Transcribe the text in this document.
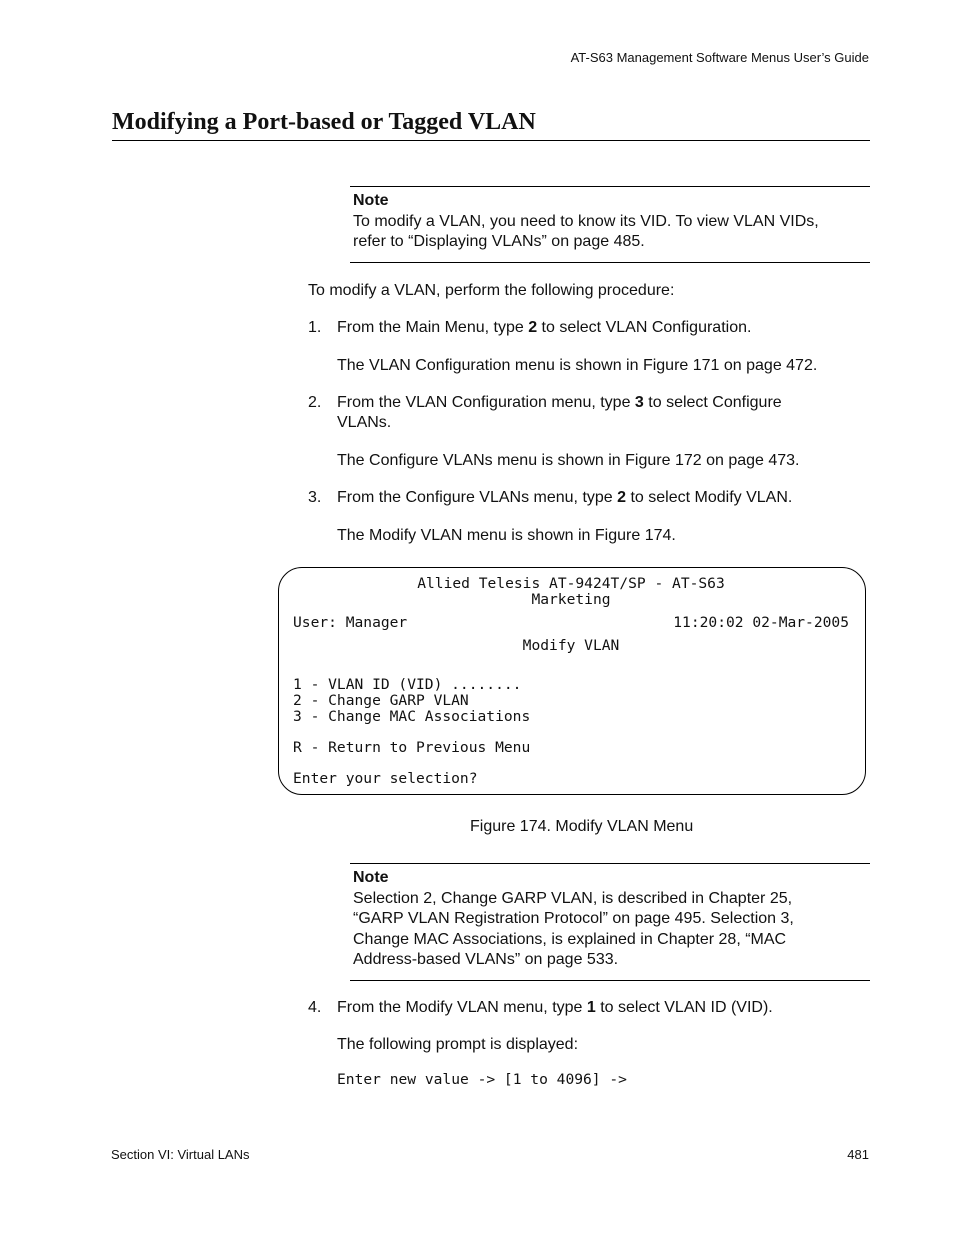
AT-S63 Management Software Menus User’s Guide
Modifying a Port-based or Tagged VLAN
Note
To modify a VLAN, you need to know its VID. To view VLAN VIDs,
refer to “Displaying VLANs” on page 485.
To modify a VLAN, perform the following procedure:
1. From the Main Menu, type 2 to select VLAN Configuration.
The VLAN Configuration menu is shown in Figure 171 on page 472.
2. From the VLAN Configuration menu, type 3 to select Configure
VLANs.
The Configure VLANs menu is shown in Figure 172 on page 473.
3. From the Configure VLANs menu, type 2 to select Modify VLAN.
The Modify VLAN menu is shown in Figure 174.
Allied Telesis AT-9424T/SP - AT-S63
Marketing
User: Manager	11:20:02 02-Mar-2005
Modify VLAN
1 - VLAN ID (VID) ........
2 - Change GARP VLAN
3 - Change MAC Associations
R - Return to Previous Menu
Enter your selection?
Figure 174. Modify VLAN Menu
Note
Selection 2, Change GARP VLAN, is described in Chapter 25,
“GARP VLAN Registration Protocol” on page 495. Selection 3,
Change MAC Associations, is explained in Chapter 28, “MAC
Address-based VLANs” on page 533.
4. From the Modify VLAN menu, type 1 to select VLAN ID (VID).
The following prompt is displayed:
Enter new value -> [1 to 4096] ->
Section VI: Virtual LANs	481
